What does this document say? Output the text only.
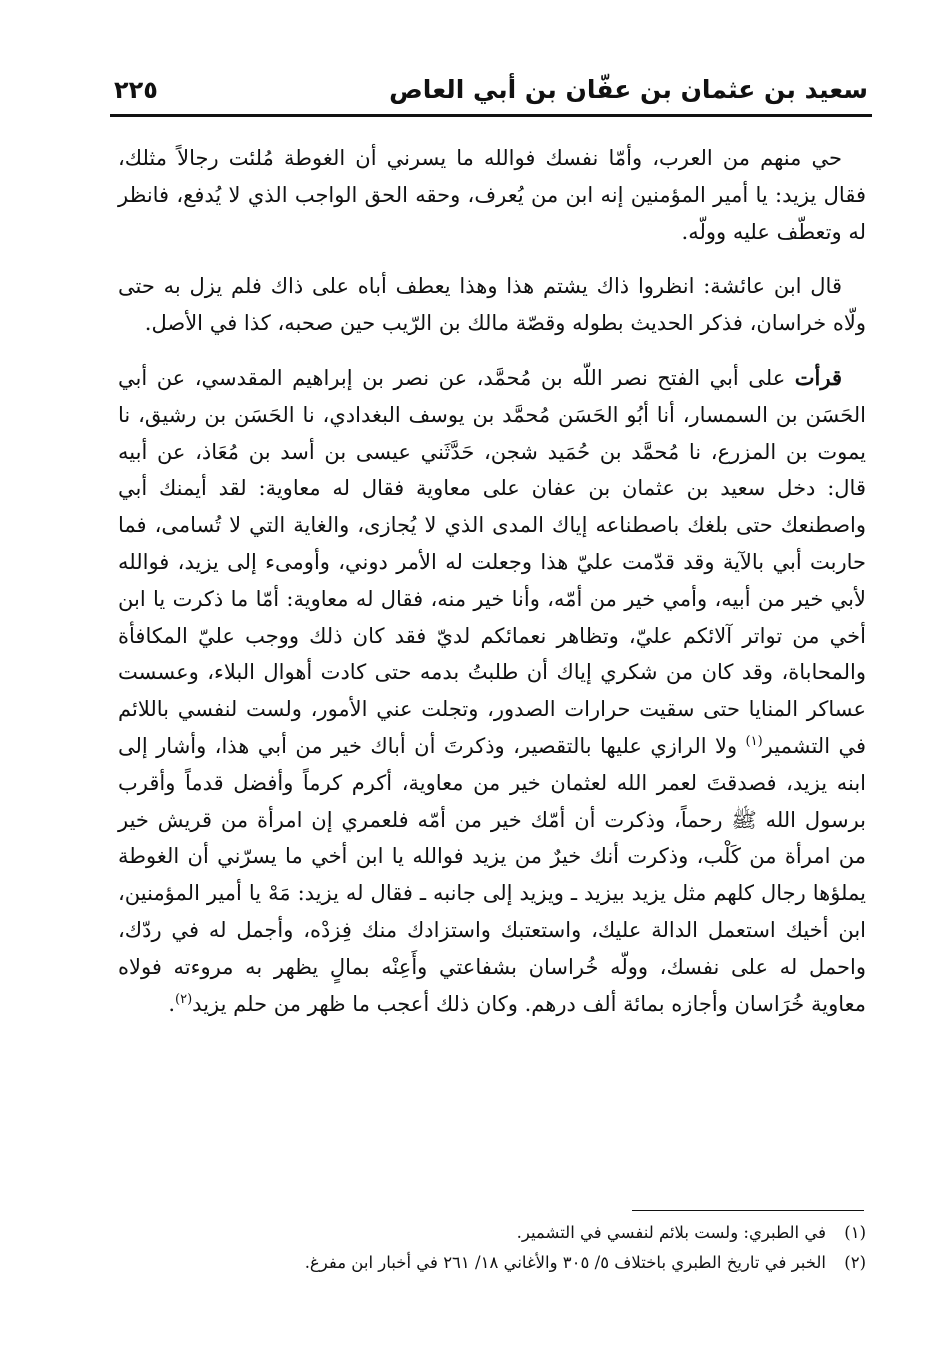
سعيد بن عثمان بن عفّان بن أبي العاص
٢٢٥

حي منهم من العرب، وأمّا نفسك فوالله ما يسرني أن الغوطة مُلئت رجالاً مثلك، فقال يزيد: يا أمير المؤمنين إنه ابن من يُعرف، وحقه الحق الواجب الذي لا يُدفع، فانظر له وتعطّف عليه وولّه.

قال ابن عائشة: انظروا ذاك يشتم هذا وهذا يعطف أباه على ذاك فلم يزل به حتى ولّاه خراسان، فذكر الحديث بطوله وقصّة مالك بن الرّيب حين صحبه، كذا في الأصل.

قرأت على أبي الفتح نصر اللّه بن مُحمَّد، عن نصر بن إبراهيم المقدسي، عن أبي الحَسَن بن السمسار، أنا أبُو الحَسَن مُحمَّد بن يوسف البغدادي، نا الحَسَن بن رشيق، نا يموت بن المزرع، نا مُحمَّد بن حُمَيد شجن، حَدَّثَني عيسى بن أسد بن مُعَاذ، عن أبيه قال: دخل سعيد بن عثمان بن عفان على معاوية فقال له معاوية: لقد أيمنك أبي واصطنعك حتى بلغك باصطناعه إياك المدى الذي لا يُجازى، والغاية التي لا تُسامى، فما حاربت أبي بالآية وقد قدّمت عليّ هذا وجعلت له الأمر دوني، وأومىء إلى يزيد، فوالله لأبي خير من أبيه، وأمي خير من أمّه، وأنا خير منه، فقال له معاوية: أمّا ما ذكرت يا ابن أخي من تواتر آلائكم عليّ، وتظاهر نعمائكم لديّ فقد كان ذلك ووجب عليّ المكافأة والمحاباة، وقد كان من شكري إياك أن طلبتُ بدمه حتى كادت أهوال البلاء، وعسست عساكر المنايا حتى سقيت حرارات الصدور، وتجلت عني الأمور، ولست لنفسي باللائم في التشمير$^{(١)}$ ولا الرازي عليها بالتقصير، وذكرتَ أن أباك خير من أبي هذا، وأشار إلى ابنه يزيد، فصدقتَ لعمر الله لعثمان خير من معاوية، أكرم كرماً وأفضل قدماً وأقرب برسول الله ﷺ رحماً، وذكرت أن أمّك خير من أمّه فلعمري إن امرأة من قريش خير من امرأة من كَلْب، وذكرت أنك خيرٌ من يزيد فوالله يا ابن أخي ما يسرّني أن الغوطة يملؤها رجال كلهم مثل يزيد بيزيد ـ ويزيد إلى جانبه ـ فقال له يزيد: مَهْ يا أمير المؤمنين، ابن أخيك استعمل الدالة عليك، واستعتبك واستزادك منك فِزدْه، وأجمل له في ردّك، واحمل له على نفسك، وولّه خُراسان بشفاعتي وأَعِنْه بمالٍ يظهر به مروءته فولاه معاوية خُرَاسان وأجازه بمائة ألف درهم. وكان ذلك أعجب ما ظهر من حلم يزيد$^{(٢)}$.

(١)
في الطبري: ولست بلائم لنفسي في التشمير.
(٢)
الخبر في تاريخ الطبري باختلاف ٥/ ٣٠٥ والأغاني ١٨/ ٢٦١ في أخبار ابن مفرغ.
